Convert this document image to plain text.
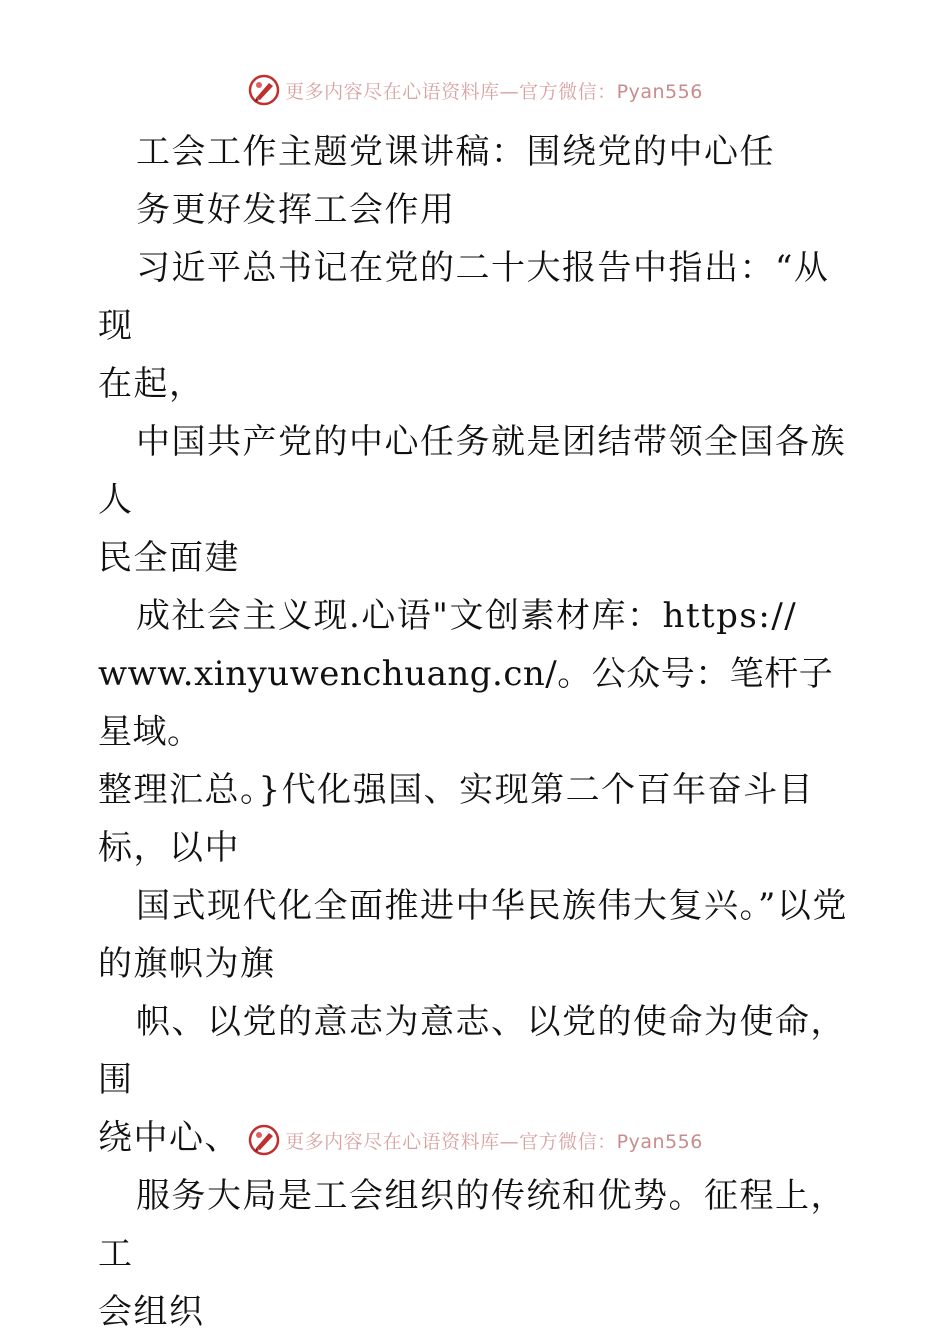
更多内容尽在心语资料库—官方微信：Pyan556

工会工作主题党课讲稿：围绕党的中心任

务更好发挥工会作用

习近平总书记在党的二十大报告中指出：“从现

在起，

中国共产党的中心任务就是团结带领全国各族人

民全面建

成社会主义现.心语"文创素材库：https://

www.xinyuwenchuang.cn/。公众号：笔杆子星域。

整理汇总。}代化强国、实现第二个百年奋斗目

标，以中

国式现代化全面推进中华民族伟大复兴。”以党

的旗帜为旗

帜、以党的意志为意志、以党的使命为使命，围

绕中心、

服务大局是工会组织的传统和优势。征程上，工

会组织

更多内容尽在心语资料库—官方微信：Pyan556
